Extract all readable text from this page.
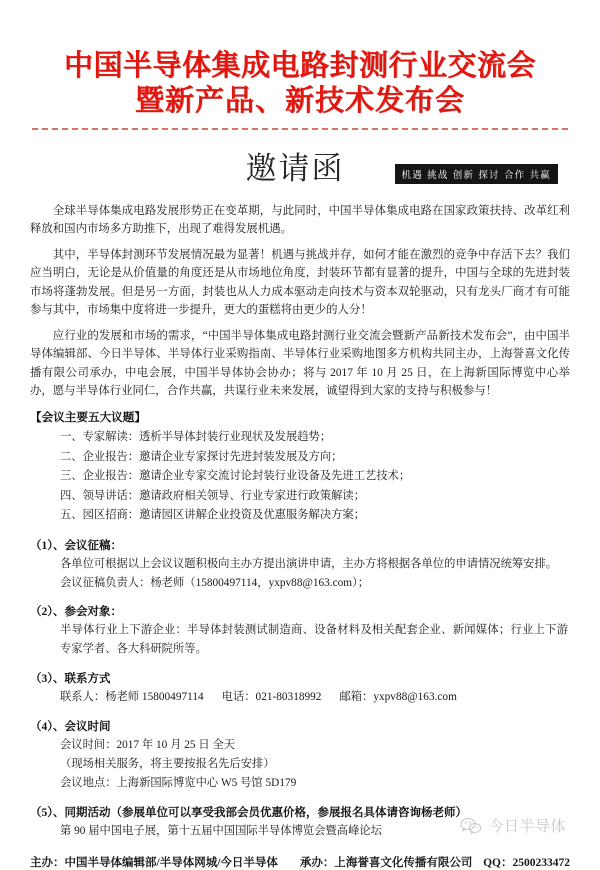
中国半导体集成电路封测行业交流会
暨新产品、新技术发布会
邀请函	机遇 挑战 创新 探讨 合作 共赢

全球半导体集成电路发展形势正在变革期，与此同时，中国半导体集成电路在国家政策扶持、改革红利释放和国内市场多方助推下，出现了难得发展机遇。

其中，半导体封测环节发展情况最为显著！机遇与挑战并存，如何才能在激烈的竞争中存活下去？我们应当明白，无论是从价值量的角度还是从市场地位角度，封装环节都有显著的提升，中国与全球的先进封装市场将蓬勃发展。但是另一方面，封装也从人力成本驱动走向技术与资本双轮驱动，只有龙头厂商才有可能参与其中，市场集中度将进一步提升，更大的蛋糕将由更少的人分！

应行业的发展和市场的需求，“中国半导体集成电路封测行业交流会暨新产品新技术发布会”，由中国半导体编辑部、今日半导体、半导体行业采购指南、半导体行业采购地图多方机构共同主办，上海誉喜文化传播有限公司承办，中电会展，中国半导体协会协办；将与 2017 年 10 月 25 日，在上海新国际博览中心举办，愿与半导体行业同仁，合作共赢，共谋行业未来发展，诚望得到大家的支持与积极参与！

【会议主要五大议题】
一、专家解读：透析半导体封装行业现状及发展趋势；
二、企业报告：邀请企业专家探讨先进封装发展及方向；
三、企业报告：邀请企业专家交流讨论封装行业设备及先进工艺技术；
四、领导讲话：邀请政府相关领导、行业专家进行政策解读；
五、园区招商：邀请园区讲解企业投资及优惠服务解决方案；
（1）、会议征稿：
各单位可根据以上会议议题积极向主办方提出演讲申请，主办方将根据各单位的申请情况统筹安排。
会议征稿负责人：杨老师（15800497114，yxpv88@163.com）；
（2）、参会对象：
半导体行业上下游企业：半导体封装测试制造商、设备材料及相关配套企业、新闻媒体；行业上下游专家学者、各大科研院所等。
（3）、联系方式
联系人：杨老师 15800497114 电话：021-80318992 邮箱：yxpv88@163.com
（4）、会议时间
会议时间：2017 年 10 月 25 日 全天
（现场相关服务，将主要按报名先后安排）
会议地点：上海新国际博览中心 W5 号馆 5D179
（5）、同期活动（参展单位可以享受我部会员优惠价格，参展报名具体请咨询杨老师）
第 90 届中国电子展，第十五届中国国际半导体博览会暨高峰论坛
主办：中国半导体编辑部/半导体网城/今日半导体 承办：上海誉喜文化传播有限公司 QQ：2500233472
今日半导体
